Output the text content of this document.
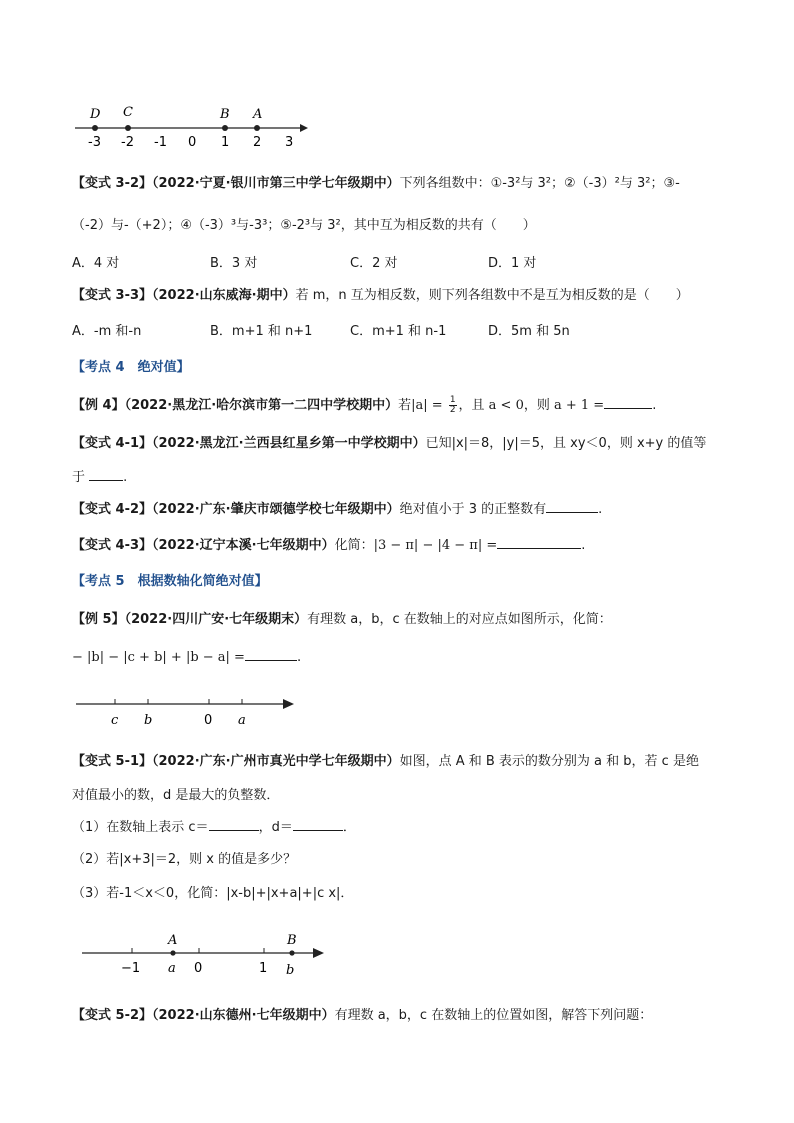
D C	B A
-3 -2 -1 0 1 2 3
【变式 3-2】（2022·宁夏·银川市第三中学七年级期中）下列各组数中：①-3²与 3²；②（-3）²与 3²；③-
（-2）与-（+2）；④（-3）³与-3³；⑤-2³与 3²，其中互为相反数的共有（　　）
A．4 对	B．3 对	C．2 对	D．1 对
【变式 3-3】（2022·山东威海·期中）若 m，n 互为相反数，则下列各组数中不是互为相反数的是（　　）
A．-m 和-n	B．m+1 和 n+1	C．m+1 和 n-1	D．5m 和 5n
【考点 4　绝对值】
【例 4】（2022·黑龙江·哈尔滨市第一二四中学校期中）若$|a| = \frac{1}{2}$ ，且 a < 0，则 a + 1 =	.
【变式 4-1】（2022·黑龙江·兰西县红星乡第一中学校期中）已知|x|＝8，|y|＝5，且 xy＜0，则 x+y 的值等
于	.
【变式 4-2】（2022·广东·肇庆市颂德学校七年级期中）绝对值小于 3 的正整数有	.
【变式 4-3】（2022·辽宁本溪·七年级期中）化简：|3 − π| − |4 − π| =	.
【考点 5　根据数轴化简绝对值】
【例 5】（2022·四川广安·七年级期末）有理数 a，b，c 在数轴上的对应点如图所示，化简：
− |b| − |c + b| + |b − a| =	.
c b	0 a
【变式 5-1】（2022·广东·广州市真光中学七年级期中）如图，点 A 和 B 表示的数分别为 a 和 b，若 c 是绝
对值最小的数，d 是最大的负整数．
（1）在数轴上表示 c＝	，d＝	．
（2）若|x+3|＝2，则 x 的值是多少？
（3）若-1＜x＜0，化简：|x-b|+|x+a|+|c x|．
A	B
−1 a 0	1 b
【变式 5-2】（2022·山东德州·七年级期中）有理数 a，b，c 在数轴上的位置如图，解答下列问题：
